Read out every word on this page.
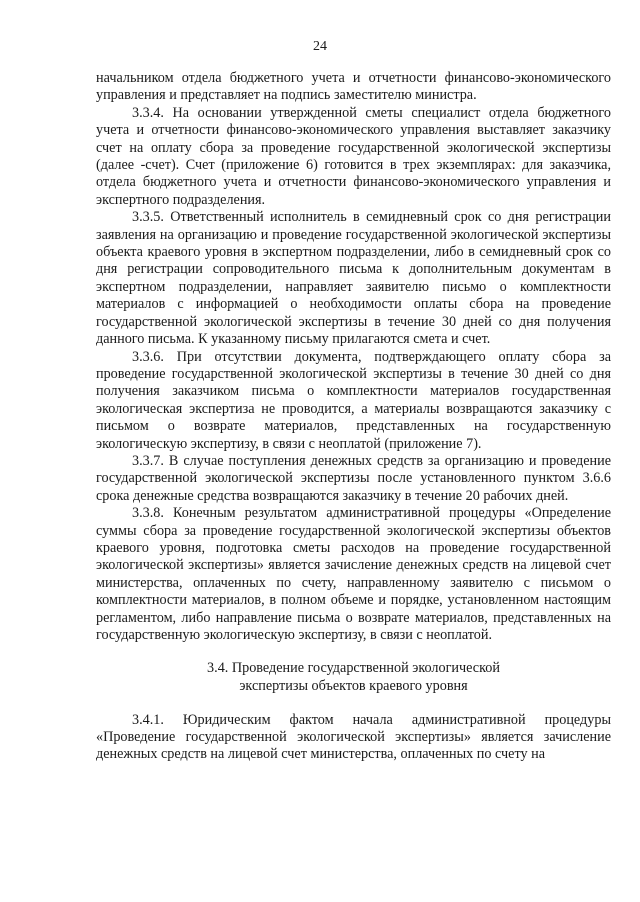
24

начальником отдела бюджетного учета и отчетности финансово-экономического управления и представляет на подпись заместителю министра.

3.3.4. На основании утвержденной сметы специалист отдела бюджетного учета и отчетности финансово-экономического управления выставляет заказчику счет на оплату сбора за проведение государственной экологической экспертизы (далее -счет). Счет (приложение 6) готовится в трех экземплярах: для заказчика, отдела бюджетного учета и отчетности финансово-экономического управления и экспертного подразделения.

3.3.5. Ответственный исполнитель в семидневный срок со дня регистрации заявления на организацию и проведение государственной экологической экспертизы объекта краевого уровня в экспертном подразделении, либо в семидневный срок со дня регистрации сопроводительного письма к дополнительным документам в экспертном подразделении, направляет заявителю письмо о комплектности материалов с информацией о необходимости оплаты сбора на проведение государственной экологической экспертизы в течение 30 дней со дня получения данного письма. К указанному письму прилагаются смета и счет.

3.3.6. При отсутствии документа, подтверждающего оплату сбора за проведение государственной экологической экспертизы в течение 30 дней со дня получения заказчиком письма о комплектности материалов государственная экологическая экспертиза не проводится, а материалы возвращаются заказчику с письмом о возврате материалов, представленных на государственную экологическую экспертизу, в связи с неоплатой (приложение 7).

3.3.7. В случае поступления денежных средств за организацию и проведение государственной экологической экспертизы после установленного пунктом 3.6.6 срока денежные средства возвращаются заказчику в течение 20 рабочих дней.

3.3.8. Конечным результатом административной процедуры «Определение суммы сбора за проведение государственной экологической экспертизы объектов краевого уровня, подготовка сметы расходов на проведение государственной экологической экспертизы» является зачисление денежных средств на лицевой счет министерства, оплаченных по счету, направленному заявителю с письмом о комплектности материалов, в полном объеме и порядке, установленном настоящим регламентом, либо направление письма о возврате материалов, представленных на государственную экологическую экспертизу, в связи с неоплатой.

3.4. Проведение государственной экологической
экспертизы объектов краевого уровня

3.4.1. Юридическим фактом начала административной процедуры «Проведение государственной экологической экспертизы» является зачисление денежных средств на лицевой счет министерства, оплаченных по счету на
